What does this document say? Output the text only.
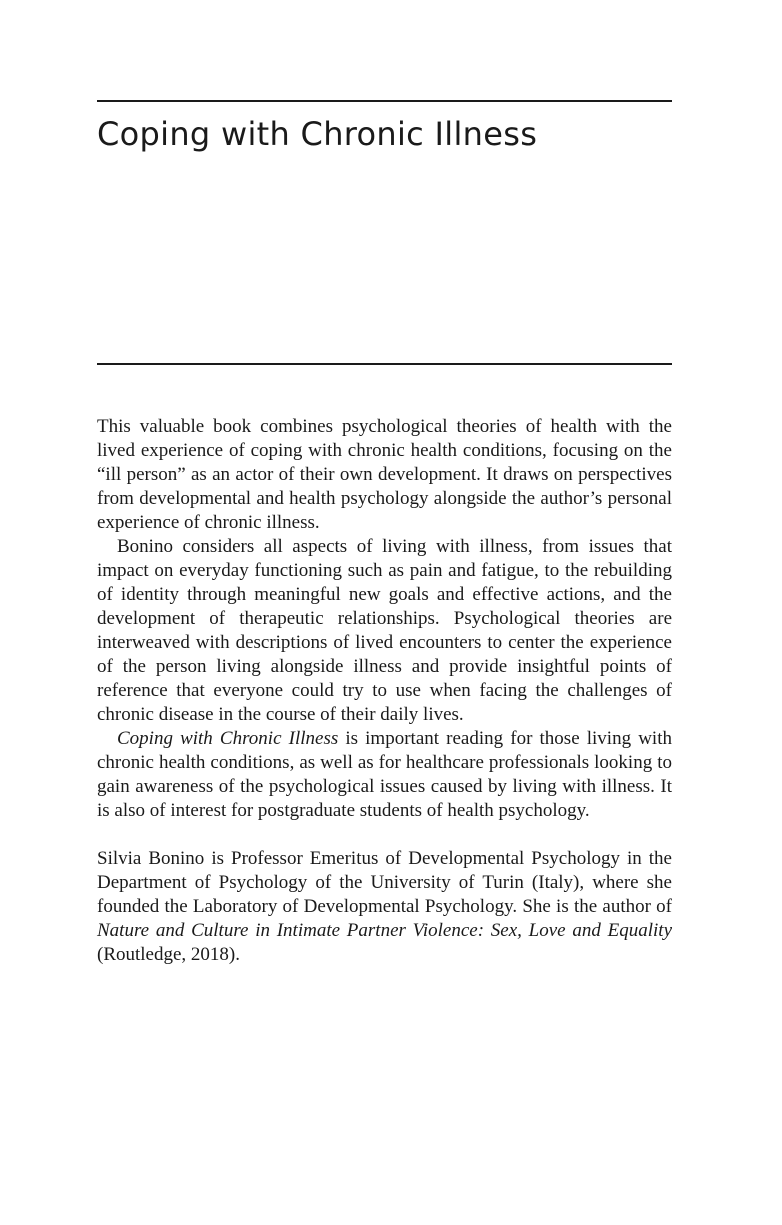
Coping with Chronic Illness

This valuable book combines psychological theories of health with the lived experience of coping with chronic health conditions, focusing on the “ill person” as an actor of their own development. It draws on perspectives from developmental and health psychology alongside the author’s personal experience of chronic illness.

Bonino considers all aspects of living with illness, from issues that impact on everyday functioning such as pain and fatigue, to the rebuilding of identity through meaningful new goals and effective actions, and the development of therapeutic relationships. Psychological theories are interweaved with descriptions of lived encounters to center the experience of the person living alongside illness and provide insightful points of reference that everyone could try to use when facing the challenges of chronic disease in the course of their daily lives.

Coping with Chronic Illness is important reading for those living with chronic health conditions, as well as for healthcare professionals looking to gain awareness of the psychological issues caused by living with illness. It is also of interest for postgraduate students of health psychology.

Silvia Bonino is Professor Emeritus of Developmental Psychology in the Department of Psychology of the University of Turin (Italy), where she founded the Laboratory of Developmental Psychology. She is the author of Nature and Culture in Intimate Partner Violence: Sex, Love and Equality (Routledge, 2018).
